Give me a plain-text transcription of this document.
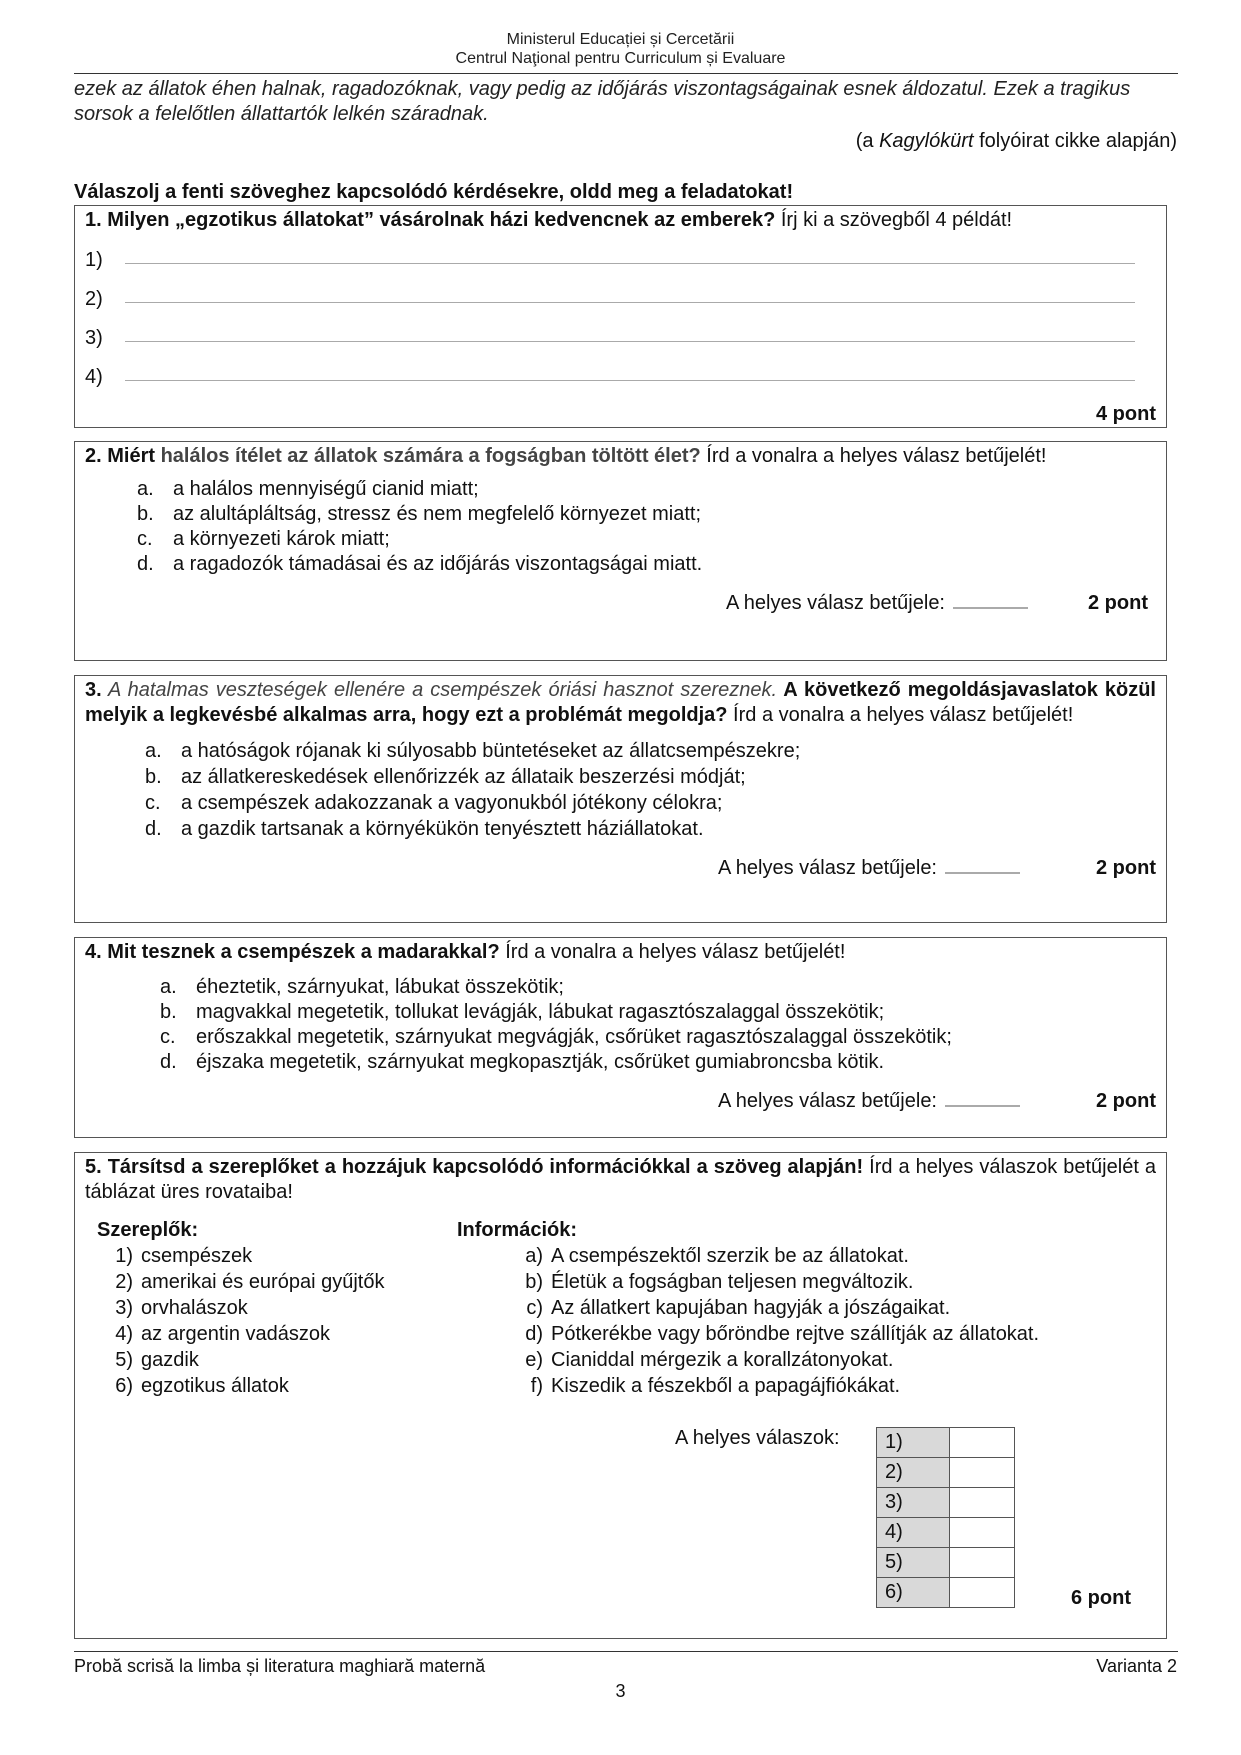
Ministerul Educației și Cercetării
Centrul Naţional pentru Curriculum și Evaluare
ezek az állatok éhen halnak, ragadozóknak, vagy pedig az időjárás viszontagságainak esnek áldozatul. Ezek a tragikus sorsok a felelőtlen állattartók lelkén száradnak.
(a Kagylókürt folyóirat cikke alapján)
Válaszolj a fenti szöveghez kapcsolódó kérdésekre, oldd meg a feladatokat!
1. Milyen „egzotikus állatokat” vásárolnak házi kedvencnek az emberek? Írj ki a szövegből 4 példát!
1)
2)
3)
4)
4 pont
2. Miért halálos ítélet az állatok számára a fogságban töltött élet? Írd a vonalra a helyes válasz betűjelét!
a. a halálos mennyiségű cianid miatt;
b. az alultápláltság, stressz és nem megfelelő környezet miatt;
c.	a környezeti károk miatt;
d. a ragadozók támadásai és az időjárás viszontagságai miatt.
A helyes válasz betűjele:	2 pont
3. A hatalmas veszteségek ellenére a csempészek óriási hasznot szereznek. A következő megoldásjavaslatok közül melyik a legkevésbé alkalmas arra, hogy ezt a problémát megoldja? Írd a vonalra a helyes válasz betűjelét!
a. a hatóságok rójanak ki súlyosabb büntetéseket az állatcsempészekre;
b. az állatkereskedések ellenőrizzék az állataik beszerzési módját;
c.	a csempészek adakozzanak a vagyonukból jótékony célokra;
d. a gazdik tartsanak a környékükön tenyésztett háziállatokat.
A helyes válasz betűjele:	2 pont
4. Mit tesznek a csempészek a madarakkal? Írd a vonalra a helyes válasz betűjelét!
a. éheztetik, szárnyukat, lábukat összekötik;
b. magvakkal megetetik, tollukat levágják, lábukat ragasztószalaggal összekötik;
c.	erőszakkal megetetik, szárnyukat megvágják, csőrüket ragasztószalaggal összekötik;
d. éjszaka megetetik, szárnyukat megkopasztják, csőrüket gumiabroncsba kötik.
A helyes válasz betűjele:	2 pont
5. Társítsd a szereplőket a hozzájuk kapcsolódó információkkal a szöveg alapján! Írd a helyes válaszok betűjelét a táblázat üres rovataiba!
Szereplők:
1) csempészek
2) amerikai és európai gyűjtők
3) orvhalászok
4) az argentin vadászok
5) gazdik
6) egzotikus állatok
Információk:
a) A csempészektől szerzik be az állatokat.
b) Életük a fogságban teljesen megváltozik.
c) Az állatkert kapujában hagyják a jószágaikat.
d) Pótkerékbe vagy bőröndbe rejtve szállítják az állatokat.
e) Cianiddal mérgezik a korallzátonyokat.
f) Kiszedik a fészekből a papagájfiókákat.
A helyes válaszok: 1)	
2)	
3)	
4)	
5)	
6)		6 pont
Probă scrisă la limba și literatura maghiară maternă	Varianta 2
3
